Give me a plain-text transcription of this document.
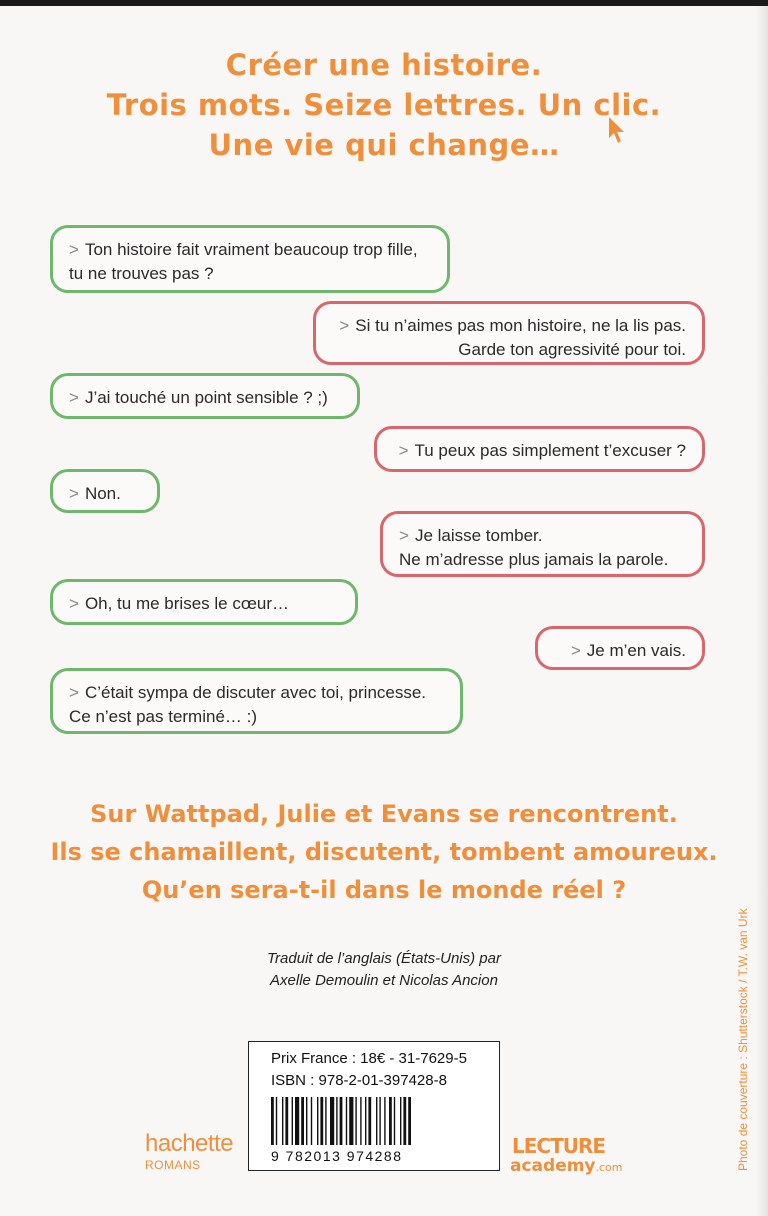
Créer une histoire.
Trois mots. Seize lettres. Un clic.
Une vie qui change…
> Ton histoire fait vraiment beaucoup trop fille,
tu ne trouves pas ?
> Si tu n’aimes pas mon histoire, ne la lis pas.
Garde ton agressivité pour toi.
> J’ai touché un point sensible ? ;)
> Tu peux pas simplement t’excuser ?
> Non.
> Je laisse tomber.
Ne m’adresse plus jamais la parole.
> Oh, tu me brises le cœur…
> Je m’en vais.
> C’était sympa de discuter avec toi, princesse.
Ce n’est pas terminé… :)
Sur Wattpad, Julie et Evans se rencontrent.
Ils se chamaillent, discutent, tombent amoureux.
Qu’en sera-t-il dans le monde réel ?
Traduit de l’anglais (États-Unis) par
Axelle Demoulin et Nicolas Ancion
Prix France : 18€ - 31-7629-5
ISBN : 978-2-01-397428-8
9 782013 974288
hachette
ROMANS
LECTURE
academy.com	Photo de couverture : Shutterstock / T.W. van Urk
